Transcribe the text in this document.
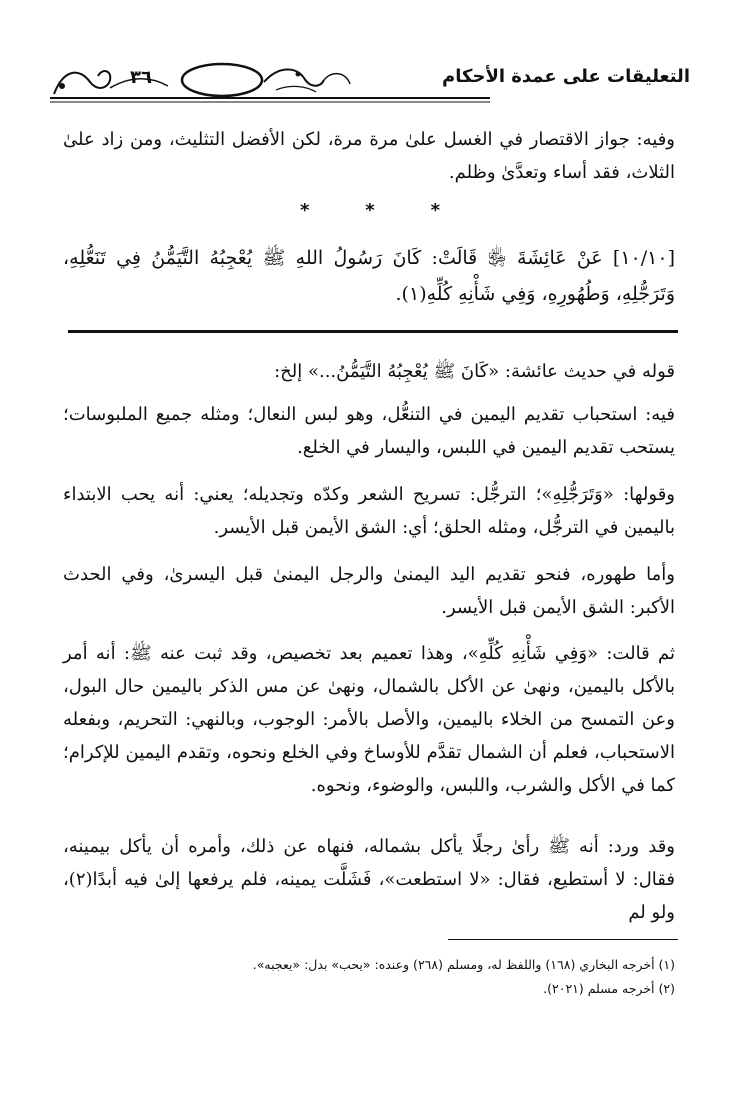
التعليقات على عمدة الأحكام
٣٦

وفيه: جواز الاقتصار في الغسل علىٰ مرة مرة، لكن الأفضل التثليث، ومن زاد علىٰ الثلاث، فقد أساء وتعدَّىٰ وظلم.

*	*	*

[١٠/١٠] عَنْ عَائِشَةَ ﵂ قَالَتْ: كَانَ رَسُولُ اللهِ ﷺ يُعْجِبُهُ التَّيَمُّنُ فِي تَنَعُّلِهِ، وَتَرَجُّلِهِ، وَطُهُورِهِ، وَفِي شَأْنِهِ كُلِّهِ(١).

قوله في حديث عائشة: «كَانَ ﷺ يُعْجِبُهُ التَّيَمُّنُ...» إلخ:

فيه: استحباب تقديم اليمين في التنعُّل، وهو لبس النعال؛ ومثله جميع الملبوسات؛ يستحب تقديم اليمين في اللبس، واليسار في الخلع.

وقولها: «وَتَرَجُّلِهِ»؛ الترجُّل: تسريح الشعر وكدّه وتجديله؛ يعني: أنه يحب الابتداء باليمين في الترجُّل، ومثله الحلق؛ أي: الشق الأيمن قبل الأيسر.

وأما طهوره، فنحو تقديم اليد اليمنىٰ والرجل اليمنىٰ قبل اليسرىٰ، وفي الحدث الأكبر: الشق الأيمن قبل الأيسر.

ثم قالت: «وَفِي شَأْنِهِ كُلِّهِ»، وهذا تعميم بعد تخصيص، وقد ثبت عنه ﷺ: أنه أمر بالأكل باليمين، ونهىٰ عن الأكل بالشمال، ونهىٰ عن مس الذكر باليمين حال البول، وعن التمسح من الخلاء باليمين، والأصل بالأمر: الوجوب، وبالنهي: التحريم، وبفعله الاستحباب، فعلم أن الشمال تقدَّم للأوساخ وفي الخلع ونحوه، وتقدم اليمين للإكرام؛ كما في الأكل والشرب، واللبس، والوضوء، ونحوه.

وقد ورد: أنه ﷺ رأىٰ رجلًا يأكل بشماله، فنهاه عن ذلك، وأمره أن يأكل بيمينه، فقال: لا أستطيع، فقال: «لا استطعت»، فَشَلَّت يمينه، فلم يرفعها إلىٰ فيه أبدًا(٢)، ولو لم

(١) أخرجه البخاري (١٦٨) واللفظ له، ومسلم (٢٦٨) وعنده: «يحب» بدل: «يعجبه».
(٢) أخرجه مسلم (٢٠٢١).
